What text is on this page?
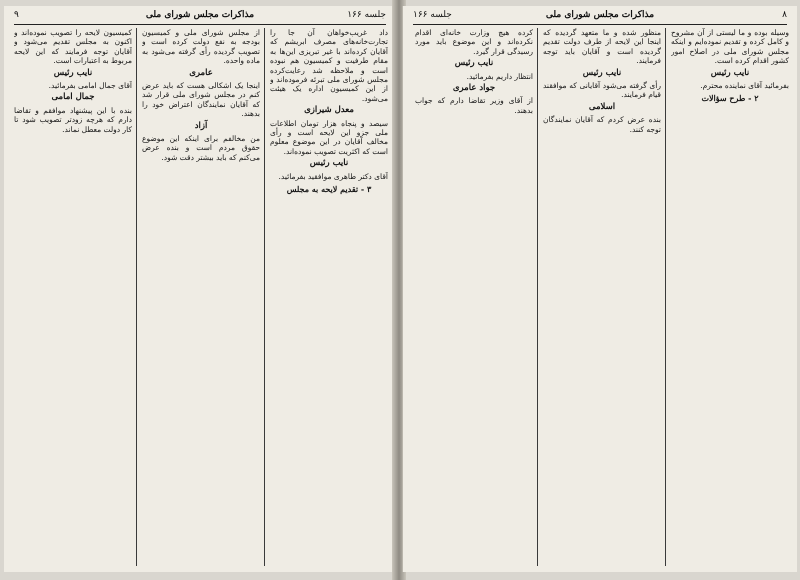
جلسه ۱۶۶
مذاکرات مجلس شورای ملی
۹

داد غریب‌خواهان آن جا را تجارت‌خانه‌های مصرف ابریشم که آقایان کرده‌اند با غیر تبریزی این‌ها به مقام طرفیت و کمیسیون هم نبوده است و ملاحظه شد رعایت‌کرده مجلس شورای ملی تبرئه فرموده‌اند و از این کمیسیون اداره یک هیئت می‌شود.

معدل شیرازی

سیصد و پنجاه هزار تومان اطلاعات ملی جزو این لایحه است و رأی مخالف آقایان در این موضوع معلوم است که اکثریت تصویب نموده‌اند.

نایب رئیس

آقای دکتر طاهری موافقید بفرمائید.

۳ - تقدیم لایحه به مجلس

از مجلس شورای ملی و کمیسیون بودجه به نفع دولت کرده است و تصویب گردیده رأی گرفته می‌شود به ماده واحده.

عامری

اینجا یک اشکالی هست که باید عرض کنم در مجلس شورای ملی قرار شد که آقایان نمایندگان اعتراض خود را بدهند.

آزاد

من مخالفم برای اینکه این موضوع حقوق مردم است و بنده عرض می‌کنم که باید بیشتر دقت شود.

کمیسیون لایحه را تصویب نموده‌اند و اکنون به مجلس تقدیم می‌شود و آقایان توجه فرمایند که این لایحه مربوط به اعتبارات است.

نایب رئیس

آقای جمال امامی بفرمائید.

جمال امامی

بنده با این پیشنهاد موافقم و تقاضا دارم که هرچه زودتر تصویب شود تا کار دولت معطل نماند.

۸
مذاکرات مجلس شورای ملی
جلسه ۱۶۶

وسیله بوده و ما لیستی از آن مشروح و کامل کرده و تقدیم نموده‌ایم و اینکه مجلس شورای ملی در اصلاح امور کشور اقدام کرده است.

نایب رئیس

بفرمائید آقای نماینده محترم.

۲ - طرح سؤالات

منظور شده و ما متعهد گردیده که اینجا این لایحه از طرف دولت تقدیم گردیده است و آقایان باید توجه فرمایند.

نایب رئیس

رأی گرفته می‌شود آقایانی که موافقند قیام فرمایند.

اسلامی

بنده عرض کردم که آقایان نمایندگان توجه کنند.

کرده هیچ وزارت خانه‌ای اقدام نکرده‌اند و این موضوع باید مورد رسیدگی قرار گیرد.

نایب رئیس

انتظار داریم بفرمائید.

جواد عامری

از آقای وزیر تقاضا دارم که جواب بدهند.
